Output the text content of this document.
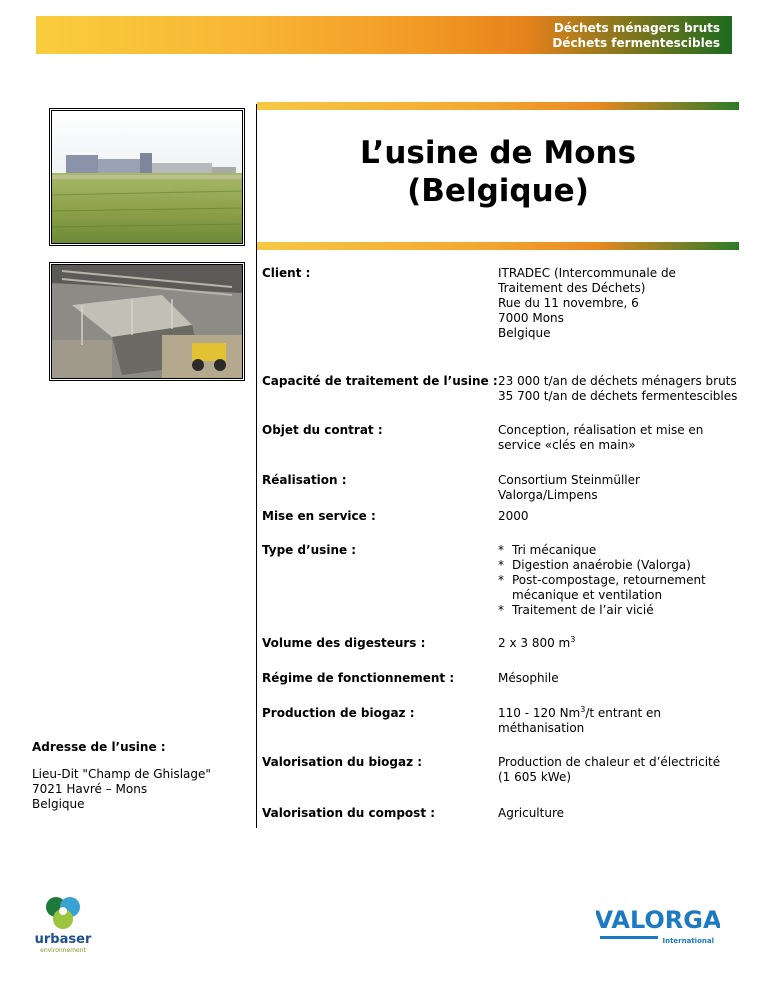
Déchets ménagers bruts
Déchets fermentescibles
L’usine de Mons
(Belgique)
Client :	ITRADEC (Intercommunale de
Traitement des Déchets)
Rue du 11 novembre, 6
7000 Mons
Belgique
Capacité de traitement de l’usine : 23 000 t/an de déchets ménagers bruts
35 700 t/an de déchets fermentescibles
Objet du contrat :	Conception, réalisation et mise en
service «clés en main»
Réalisation :	Consortium Steinmüller Valorga/Limpens
Mise en service :	2000
Type d’usine :	* Tri mécanique
* Digestion anaérobie (Valorga)
* Post-compostage, retournement mécanique et ventilation
* Traitement de l’air vicié
Volume des digesteurs :	2 x 3 800 $m^3$
Régime de fonctionnement :	Mésophile
Production de biogaz :	110 - 120 Nm$^3$/t entrant en
méthanisation
Valorisation du biogaz :	Production de chaleur et d’électricité
(1 605 kWe)
Valorisation du compost :	Agriculture
Adresse de l’usine :
Lieu-Dit "Champ de Ghislage"
7021 Havré – Mons
Belgique
urbaser
environnement
VALORGA
International
